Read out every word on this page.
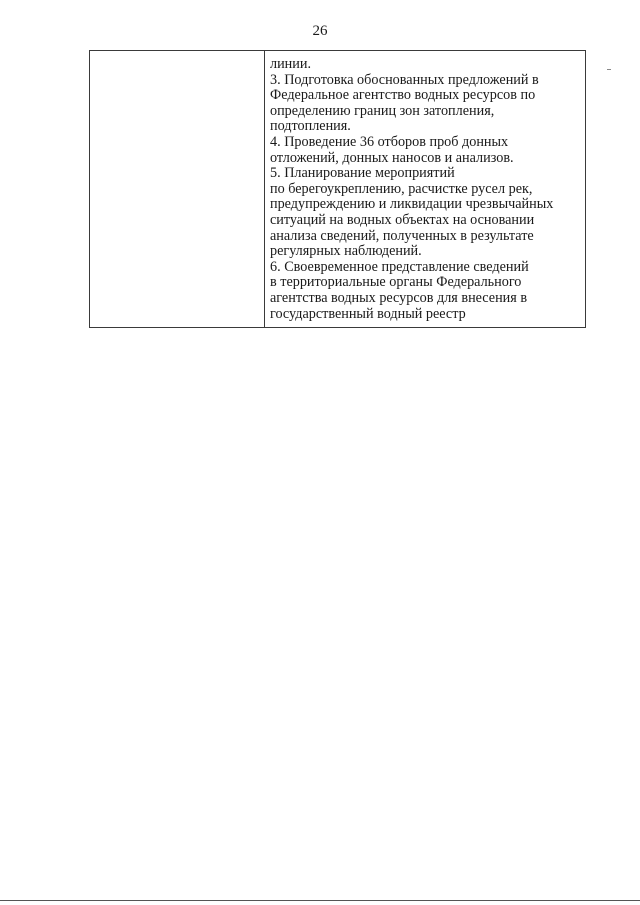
26

линии.
3. Подготовка обоснованных предложений в
Федеральное агентство водных ресурсов по
определению границ зон затопления,
подтопления.
4. Проведение 36 отборов проб донных
отложений, донных наносов и анализов.
5. Планирование мероприятий
по берегоукреплению, расчистке русел рек,
предупреждению и ликвидации чрезвычайных
ситуаций на водных объектах на основании
анализа сведений, полученных в результате
регулярных наблюдений.
6. Своевременное представление сведений
в территориальные органы Федерального
агентства водных ресурсов для внесения в
государственный водный реестр
